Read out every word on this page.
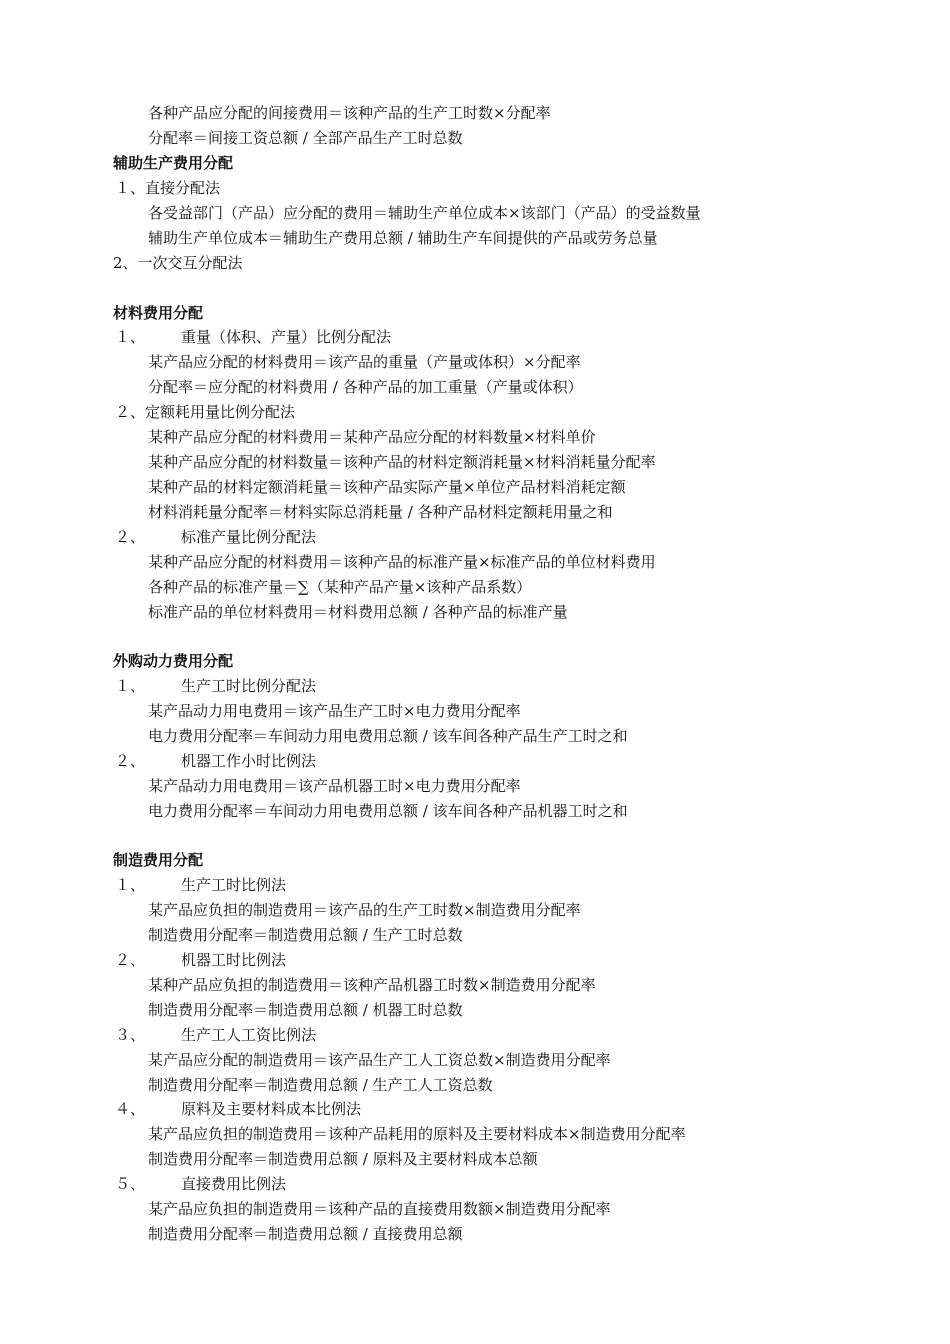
各种产品应分配的间接费用＝该种产品的生产工时数×分配率
分配率＝间接工资总额 / 全部产品生产工时总数
辅助生产费用分配
１、直接分配法
各受益部门（产品）应分配的费用＝辅助生产单位成本×该部门（产品）的受益数量
辅助生产单位成本＝辅助生产费用总额 / 辅助生产车间提供的产品或劳务总量
2、一次交互分配法
材料费用分配
１、 重量（体积、产量）比例分配法
某产品应分配的材料费用＝该产品的重量（产量或体积）×分配率
分配率＝应分配的材料费用 / 各种产品的加工重量（产量或体积）
２、定额耗用量比例分配法
某种产品应分配的材料费用＝某种产品应分配的材料数量×材料单价
某种产品应分配的材料数量＝该种产品的材料定额消耗量×材料消耗量分配率
某种产品的材料定额消耗量＝该种产品实际产量×单位产品材料消耗定额
材料消耗量分配率＝材料实际总消耗量 / 各种产品材料定额耗用量之和
２、 标准产量比例分配法
某种产品应分配的材料费用＝该种产品的标准产量×标准产品的单位材料费用
各种产品的标准产量＝∑（某种产品产量×该种产品系数）
标准产品的单位材料费用＝材料费用总额 / 各种产品的标准产量
外购动力费用分配
１、 生产工时比例分配法
某产品动力用电费用＝该产品生产工时×电力费用分配率
电力费用分配率＝车间动力用电费用总额 / 该车间各种产品生产工时之和
２、 机器工作小时比例法
某产品动力用电费用＝该产品机器工时×电力费用分配率
电力费用分配率＝车间动力用电费用总额 / 该车间各种产品机器工时之和
制造费用分配
１、 生产工时比例法
某产品应负担的制造费用＝该产品的生产工时数×制造费用分配率
制造费用分配率＝制造费用总额 / 生产工时总数
２、 机器工时比例法
某种产品应负担的制造费用＝该种产品机器工时数×制造费用分配率
制造费用分配率＝制造费用总额 / 机器工时总数
３、 生产工人工资比例法
某产品应分配的制造费用＝该产品生产工人工资总数×制造费用分配率
制造费用分配率＝制造费用总额 / 生产工人工资总数
４、 原料及主要材料成本比例法
某产品应负担的制造费用＝该种产品耗用的原料及主要材料成本×制造费用分配率
制造费用分配率＝制造费用总额 / 原料及主要材料成本总额
５、 直接费用比例法
某产品应负担的制造费用＝该种产品的直接费用数额×制造费用分配率
制造费用分配率＝制造费用总额 / 直接费用总额
